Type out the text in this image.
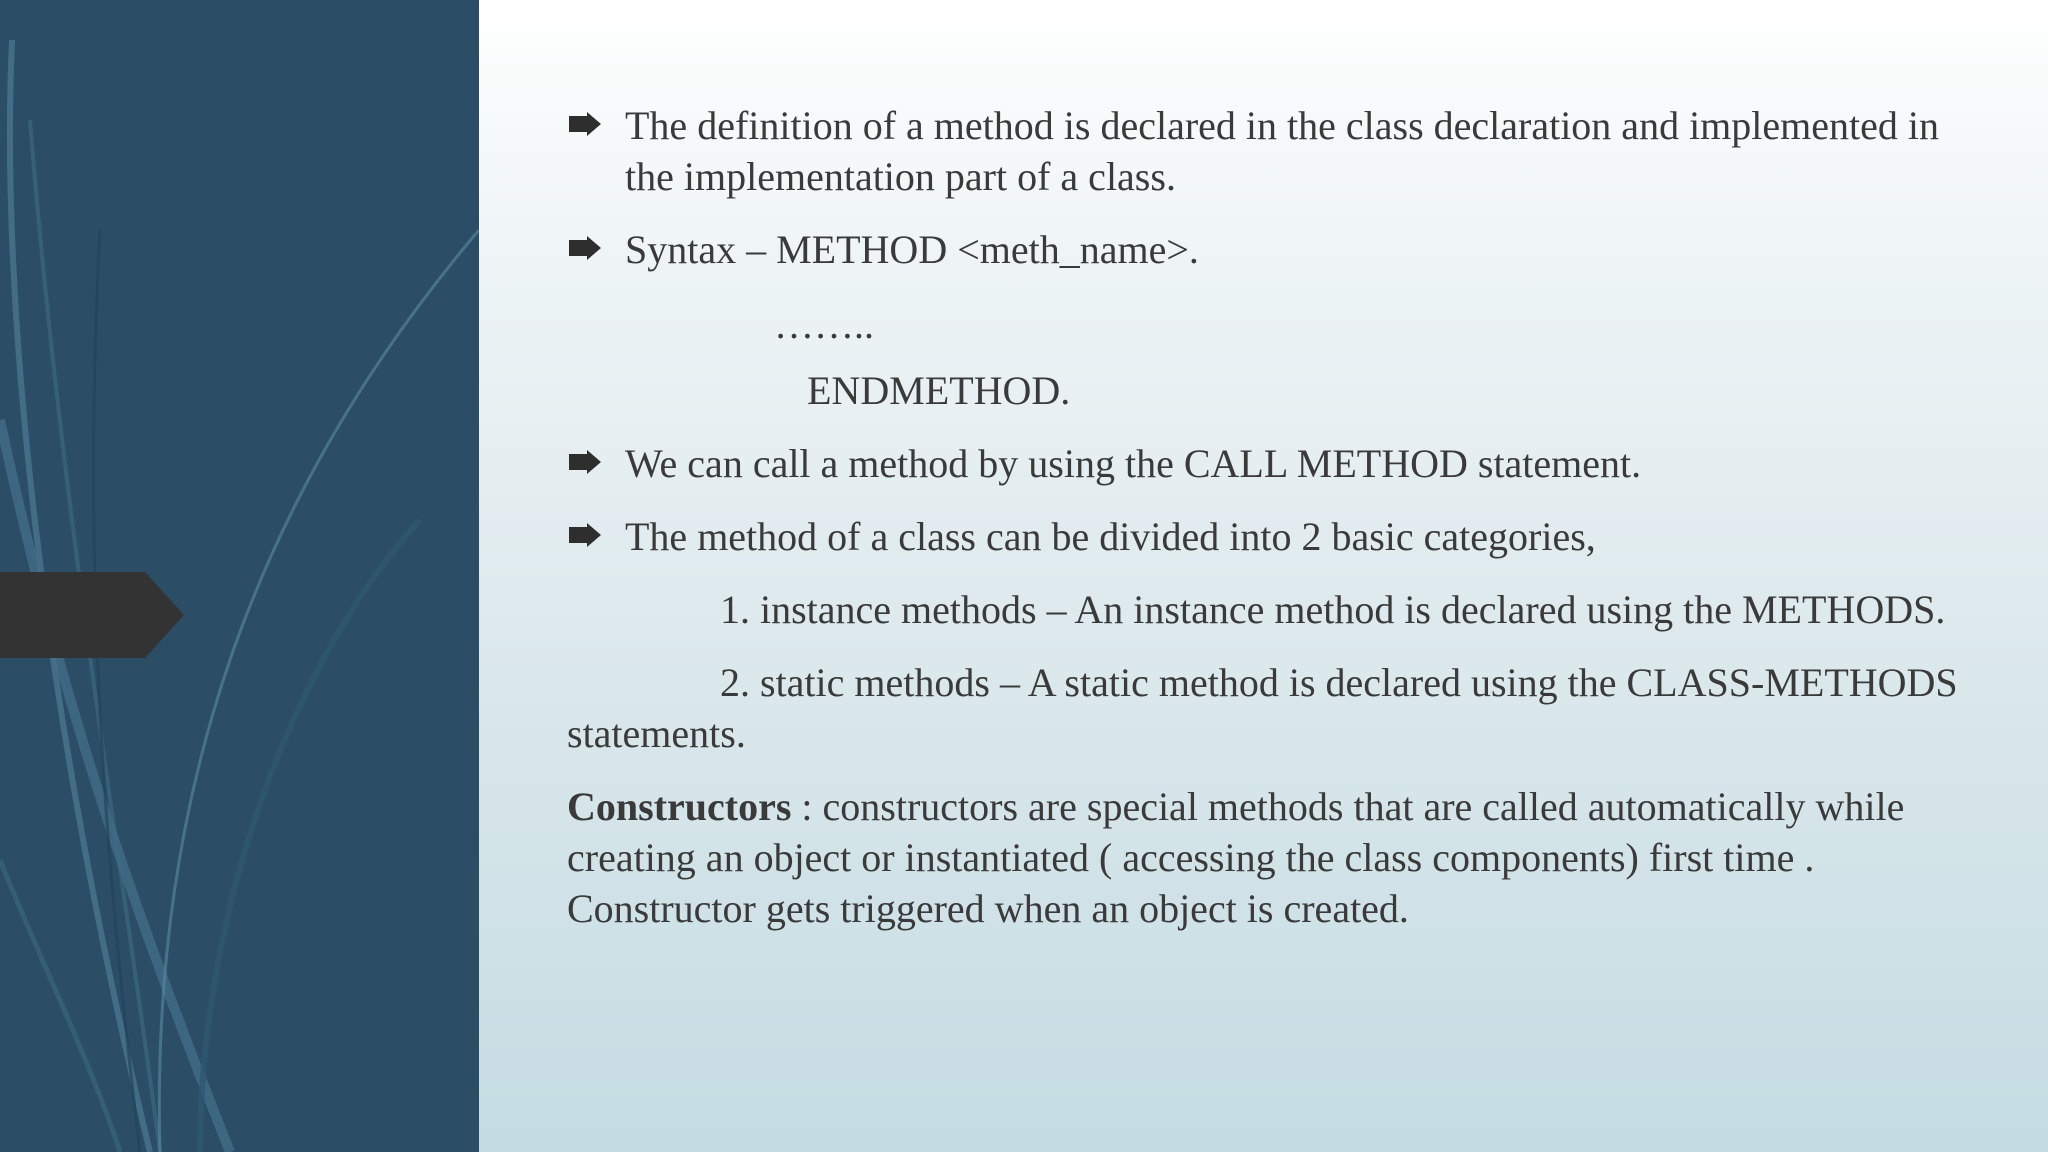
The definition of a method is declared in the class declaration and implemented in the implementation part of a class.
Syntax – METHOD <meth_name>.
……..
ENDMETHOD.
We can call a method by using the CALL METHOD statement.
The method of a class can be divided into 2 basic categories,
1. instance methods – An instance method is declared using the METHODS.
2. static methods – A static method is declared using the CLASS-METHODS statements.
Constructors : constructors are special methods that are called automatically while creating an object or instantiated ( accessing the class components) first time . Constructor gets triggered when an object is created.
